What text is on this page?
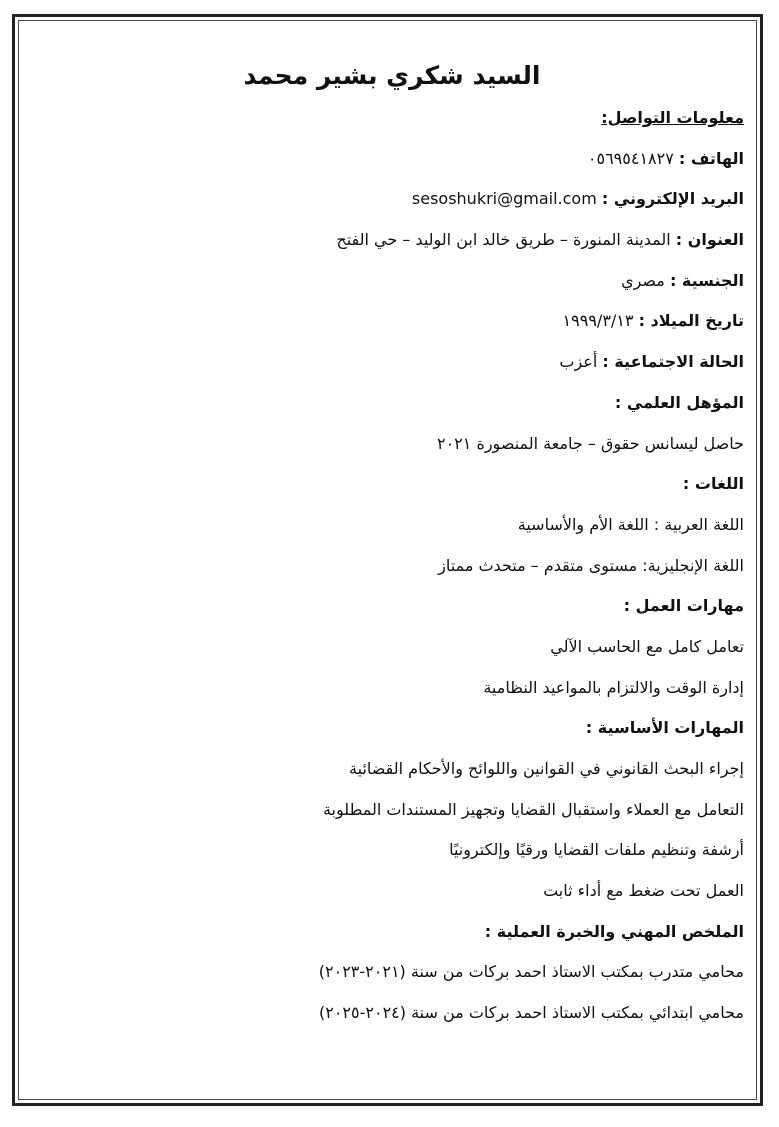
السيد شكري بشير محمد
معلومات التواصل:
الهاتف : ٠٥٦٩٥٤١٨٢٧
البريد الإلكتروني : sesoshukri@gmail.com
العنوان : المدينة المنورة – طريق خالد ابن الوليد – حي الفتح
الجنسية : مصري
تاريخ الميلاد : ١٩٩٩/٣/١٣
الحالة الاجتماعية : أعزب
المؤهل العلمي :
حاصل ليسانس حقوق – جامعة المنصورة ٢٠٢١
اللغات :
اللغة العربية : اللغة الأم والأساسية
اللغة الإنجليزية: مستوى متقدم – متحدث ممتاز
مهارات العمل :
تعامل كامل مع الحاسب الآلي
إدارة الوقت والالتزام بالمواعيد النظامية
المهارات الأساسية :
إجراء البحث القانوني في القوانين واللوائح والأحكام القضائية
التعامل مع العملاء واستقبال القضايا وتجهيز المستندات المطلوبة
أرشفة وتنظيم ملفات القضايا ورقيًا وإلكترونيًا
العمل تحت ضغط مع أداء ثابت
الملخص المهني والخبرة العملية :
محامي متدرب بمكتب الاستاذ احمد بركات من سنة (٢٠٢١-٢٠٢٣)
محامي ابتدائي بمكتب الاستاذ احمد بركات من سنة (٢٠٢٤-٢٠٢٥)
